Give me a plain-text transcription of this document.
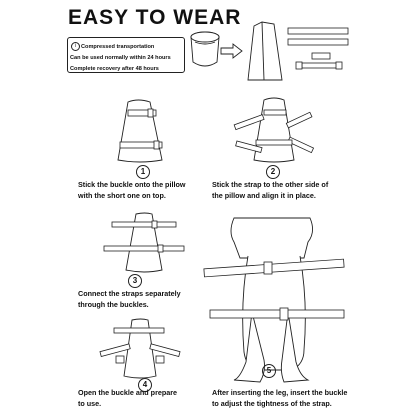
EASY TO WEAR
i Compressed transportation
Can be used normally within 24 hours
Complete recovery after 48 hours
1
Stick the buckle onto the pillow
with the short one on top.
2
Stick the strap to the other side of
the pillow and align it in place.
3
Connect the straps separately
through the buckles.
4
Open the buckle and prepare
to use.
5
After inserting the leg, insert the buckle
to adjust the tightness of the strap.
